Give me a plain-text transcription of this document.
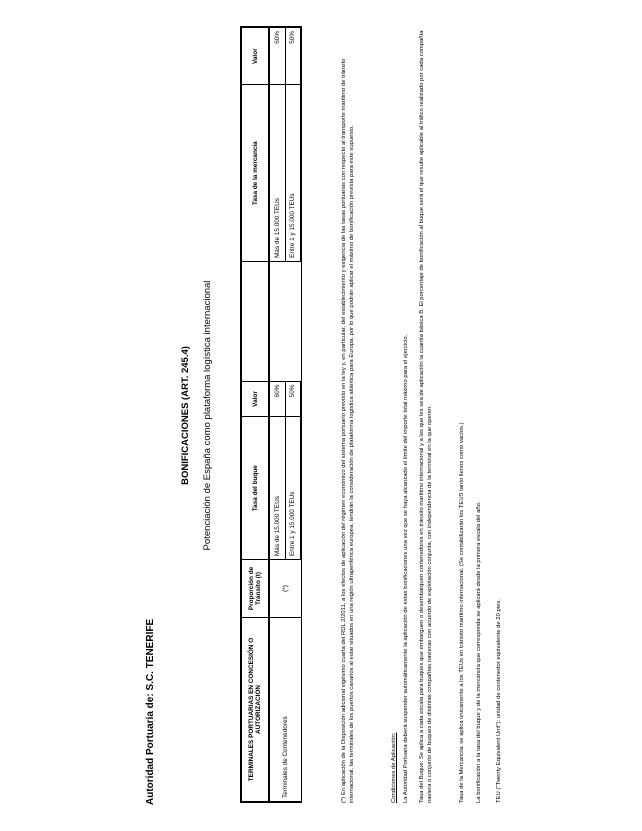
Autoridad Portuaria de: S.C. TENERIFE
BONIFICACIONES (ART. 245.4) Potenciación de España como plataforma logística internacional
TERMINALES PORTUARIAS EN CONCESIÓN O AUTORIZACIÓN	Proporción de Tránsito (t)	Tasa del buque	Valor		Tasa de la mercancía	Valor
Terminales de Contenedores	(*)	Más de 15.000 TEUs	60%		Más de 15.000 TEUs	60%
		Entre 1 y 15.000 TEUs	50%		Entre 1 y 15.000 TEUs	50%
(*) En aplicación de la Disposición adicional vigésimo cuarta del RDL 2/2011, a los efectos de aplicación del régimen económico del sistema portuario previsto en la ley y, en particular, del establecimiento y exigencia de las tasas portuarias con respecto al transporte marítimo de tránsito internacional, las terminales de los puertos canarios al estar situados en una región ultraperiférica europea, tendrán la consideración de plataforma logística atlántica para Europa, por lo que podrán aplicar el máximo de bonificación prevista para este supuesto.	Condiciones de Aplicación: La Autoridad Portuaria deberá suspender automáticamente la aplicación de estas bonificaciones una vez que se haya alcanzado el límite del importe total máximo para el ejercicio. Tasa del Buque: Se aplica a cada escala para buques que embarguen o desembarquen contenedores en tránsito marítimo internacional y a los que les sea de aplicación la cuantía básica B. El porcentaje de bonificación al buque será el que resulte aplicable al tráfico realizado por cada compañía naviera o conjunto de buques de distintas compañías navieras con acuerdo de explotación conjunta, con independencia de la terminal en la que operen.	Tasa de la Mercancía: se aplica únicamente a los TEUs en tránsito marítimo internacional. (Se contabilizarán los TEUS tanto llenos como vacíos.) La bonificación a la tasa del buque y de la mercancía que corresponda se aplicará desde la primera escala del año. TEU ("Twenty Equivalent Unit"): unidad de contenedor equivalente de 20 pies.
